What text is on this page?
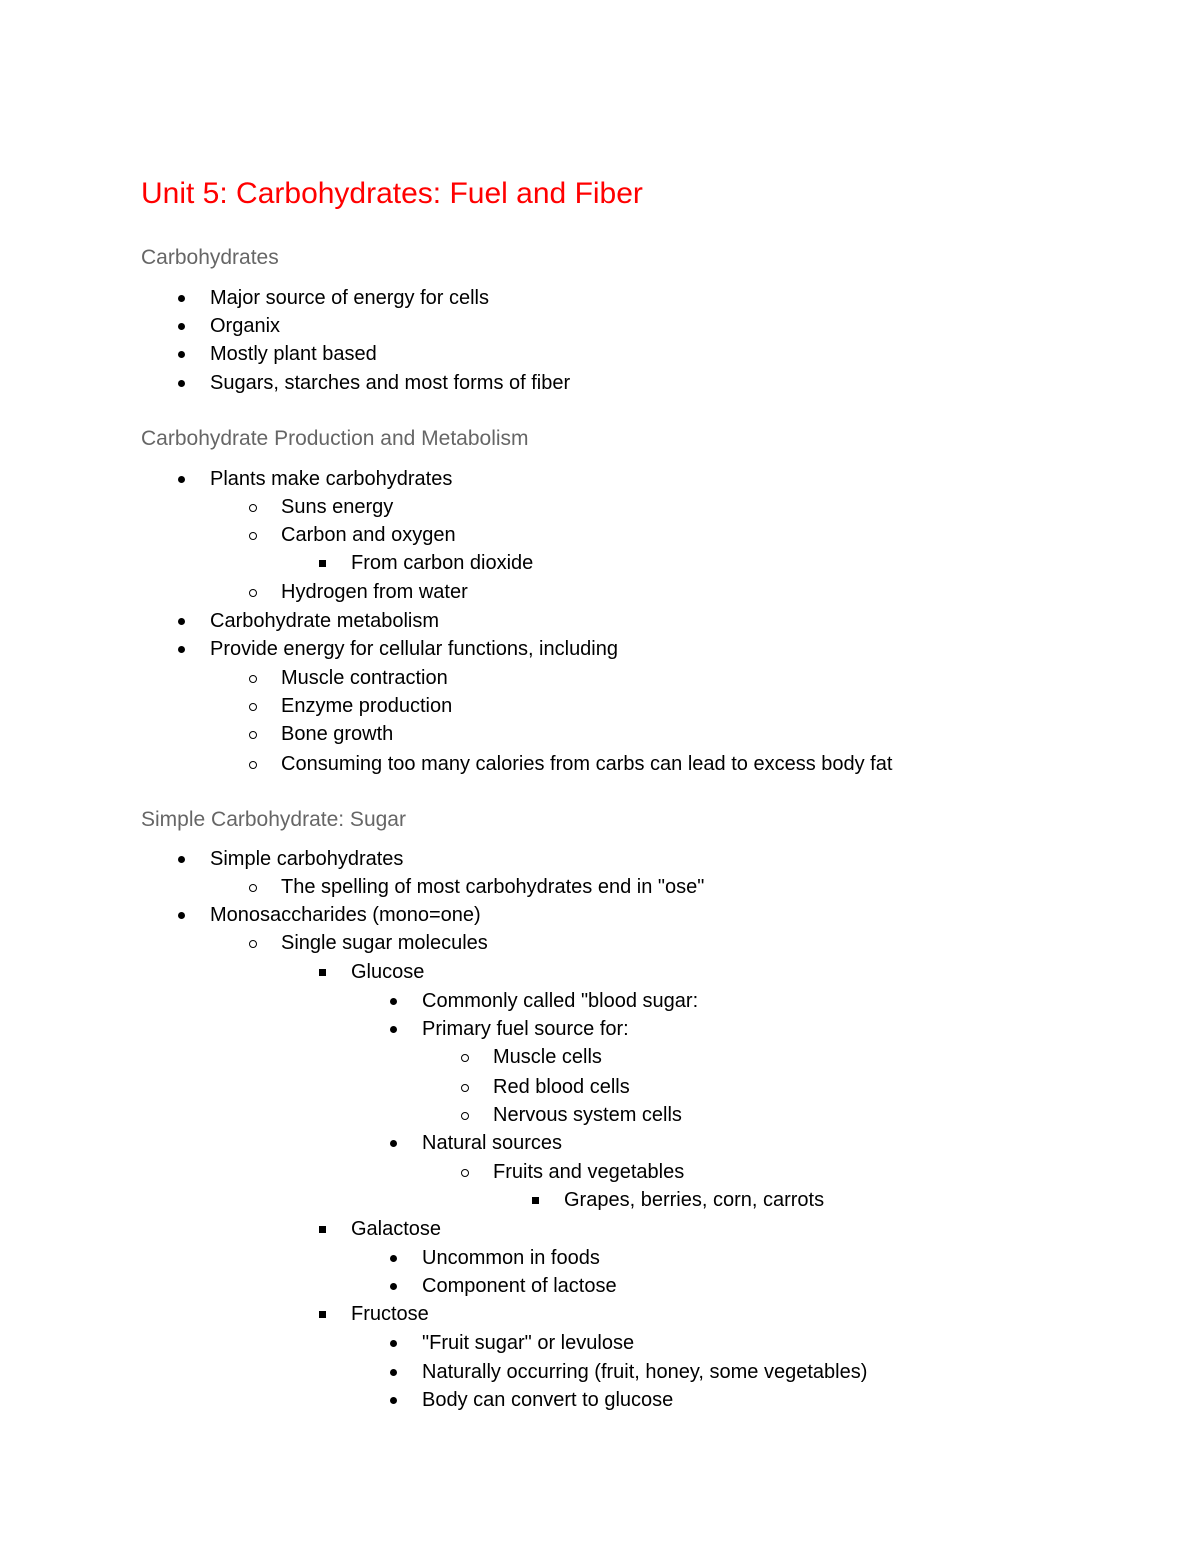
Unit 5: Carbohydrates: Fuel and Fiber
Carbohydrates
Major source of energy for cells
Organix
Mostly plant based
Sugars, starches and most forms of fiber
Carbohydrate Production and Metabolism
Plants make carbohydrates
Suns energy
Carbon and oxygen
From carbon dioxide
Hydrogen from water
Carbohydrate metabolism
Provide energy for cellular functions, including
Muscle contraction
Enzyme production
Bone growth
Consuming too many calories from carbs can lead to excess body fat
Simple Carbohydrate: Sugar
Simple carbohydrates
The spelling of most carbohydrates end in "ose"
Monosaccharides (mono=one)
Single sugar molecules
Glucose
Commonly called "blood sugar:
Primary fuel source for:
Muscle cells
Red blood cells
Nervous system cells
Natural sources
Fruits and vegetables
Grapes, berries, corn, carrots
Galactose
Uncommon in foods
Component of lactose
Fructose
"Fruit sugar" or levulose
Naturally occurring (fruit, honey, some vegetables)
Body can convert to glucose
